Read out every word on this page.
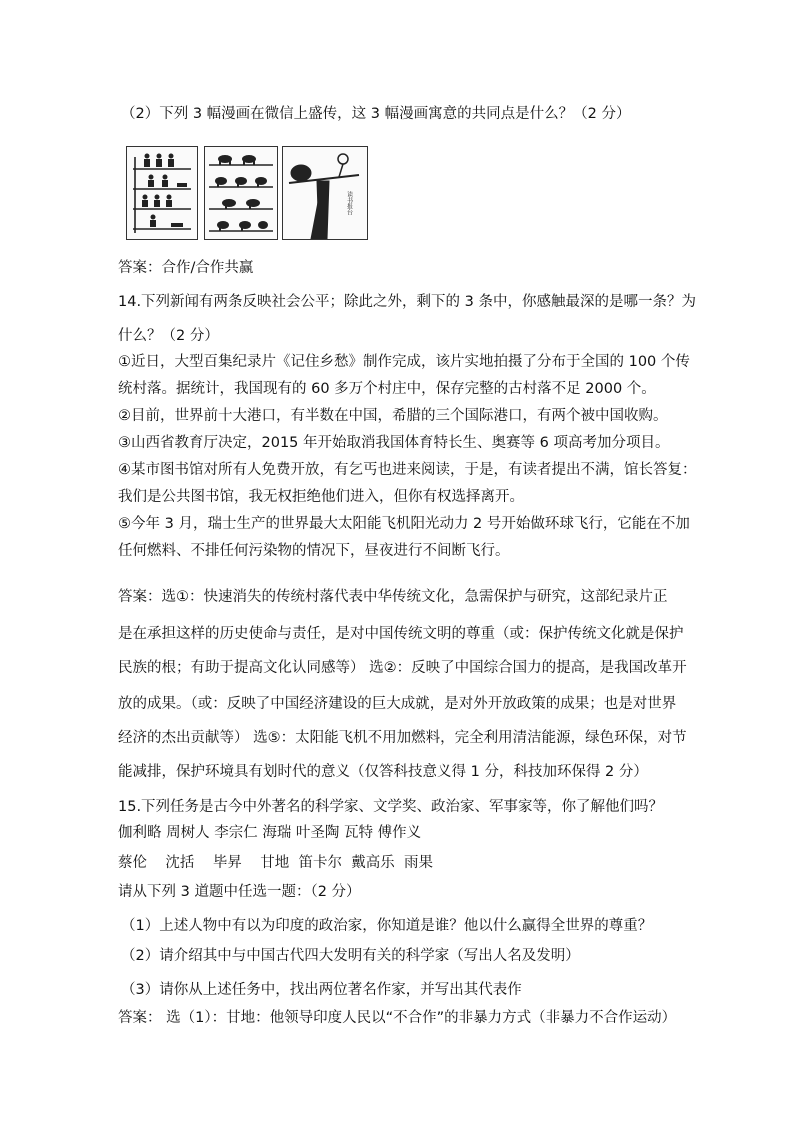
（2）下列 3 幅漫画在微信上盛传，这 3 幅漫画寓意的共同点是什么？（2 分）
读书报台
答案：合作/合作共赢
14.下列新闻有两条反映社会公平；除此之外，剩下的 3 条中，你感触最深的是哪一条？为
什么？（2 分）
①近日，大型百集纪录片《记住乡愁》制作完成，该片实地拍摄了分布于全国的 100 个传
统村落。据统计，我国现有的 60 多万个村庄中，保存完整的古村落不足 2000 个。
②目前，世界前十大港口，有半数在中国，希腊的三个国际港口，有两个被中国收购。
③山西省教育厅决定，2015 年开始取消我国体育特长生、奥赛等 6 项高考加分项目。
④某市图书馆对所有人免费开放，有乞丐也进来阅读，于是，有读者提出不满，馆长答复：
我们是公共图书馆，我无权拒绝他们进入，但你有权选择离开。
⑤今年 3 月，瑞士生产的世界最大太阳能飞机阳光动力 2 号开始做环球飞行，它能在不加
任何燃料、不排任何污染物的情况下，昼夜进行不间断飞行。
答案：选①：快速消失的传统村落代表中华传统文化，急需保护与研究，这部纪录片正
是在承担这样的历史使命与责任，是对中国传统文明的尊重（或：保护传统文化就是保护
民族的根；有助于提高文化认同感等） 选②：反映了中国综合国力的提高，是我国改革开
放的成果。（或：反映了中国经济建设的巨大成就，是对外开放政策的成果；也是对世界
经济的杰出贡献等） 选⑤：太阳能飞机不用加燃料，完全利用清洁能源，绿色环保，对节
能减排，保护环境具有划时代的意义（仅答科技意义得 1 分，科技加环保得 2 分）
15.下列任务是古今中外著名的科学家、文学奖、政治家、军事家等，你了解他们吗？
伽利略 周树人 李宗仁 海瑞 叶圣陶 瓦特 傅作义
蔡伦    沈括    毕昇    甘地  笛卡尔  戴高乐  雨果
请从下列 3 道题中任选一题：（2 分）
（1）上述人物中有以为印度的政治家，你知道是谁？他以什么赢得全世界的尊重？
（2）请介绍其中与中国古代四大发明有关的科学家（写出人名及发明）
（3）请你从上述任务中，找出两位著名作家，并写出其代表作
答案： 选（1）：甘地：他领导印度人民以“不合作”的非暴力方式（非暴力不合作运动）
